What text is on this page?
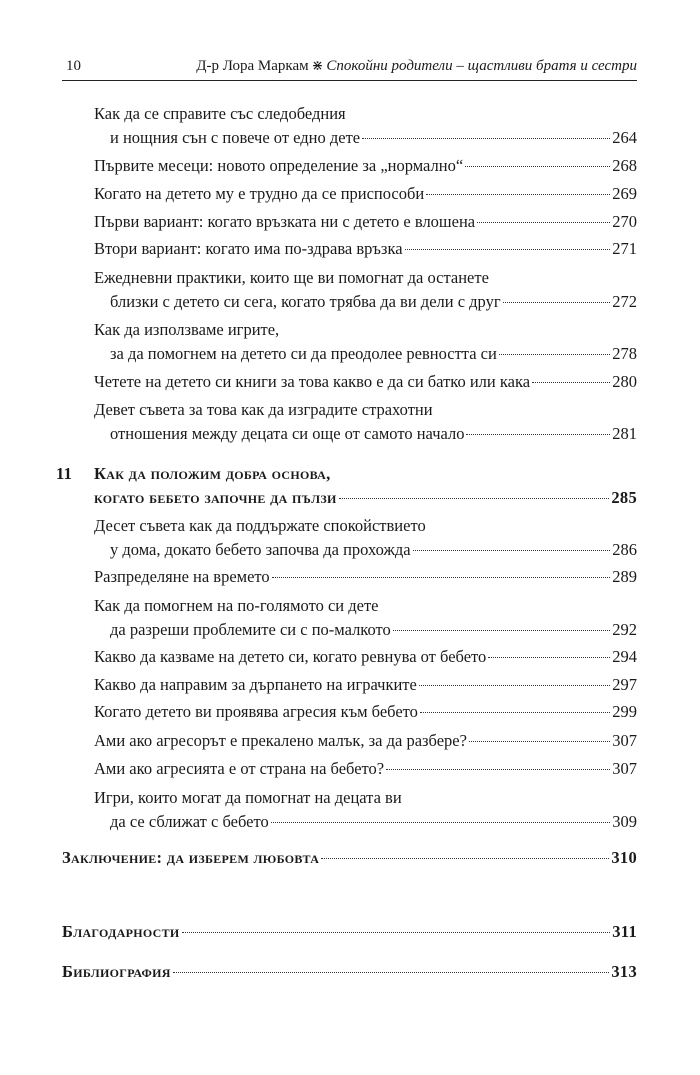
10	Д-р Лора Маркам ⋇ Спокойни родители – щастливи братя и сестри
Как да се справите със следобедния
и нощния сън с повече от едно дете	264
Първите месеци: новото определение за „нормално“	268
Когато на детето му е трудно да се приспособи	269
Първи вариант: когато връзката ни с детето е влошена	270
Втори вариант: когато има по-здрава връзка	271
Ежедневни практики, които ще ви помогнат да останете
близки с детето си сега, когато трябва да ви дели с друг	272
Как да използваме игрите,
за да помогнем на детето си да преодолее ревността си	278
Четете на детето си книги за това какво е да си батко или кака	280
Девет съвета за това как да изградите страхотни
отношения между децата си още от самото начало	281
11	Как да положим добра основа,
когато бебето започне да пълзи	285
Десет съвета как да поддържате спокойствието
у дома, докато бебето започва да прохожда	286
Разпределяне на времето	289
Как да помогнем на по-голямото си дете
да разреши проблемите си с по-малкото	292
Какво да казваме на детето си, когато ревнува от бебето	294
Какво да направим за дърпането на играчките	297
Когато детето ви проявява агресия към бебето	299
Ами ако агресорът е прекалено малък, за да разбере?	307
Ами ако агресията е от страна на бебето?	307
Игри, които могат да помогнат на децата ви
да се сближат с бебето	309
Заключение: да изберем любовта	310
Благодарности	311
Библиография	313
